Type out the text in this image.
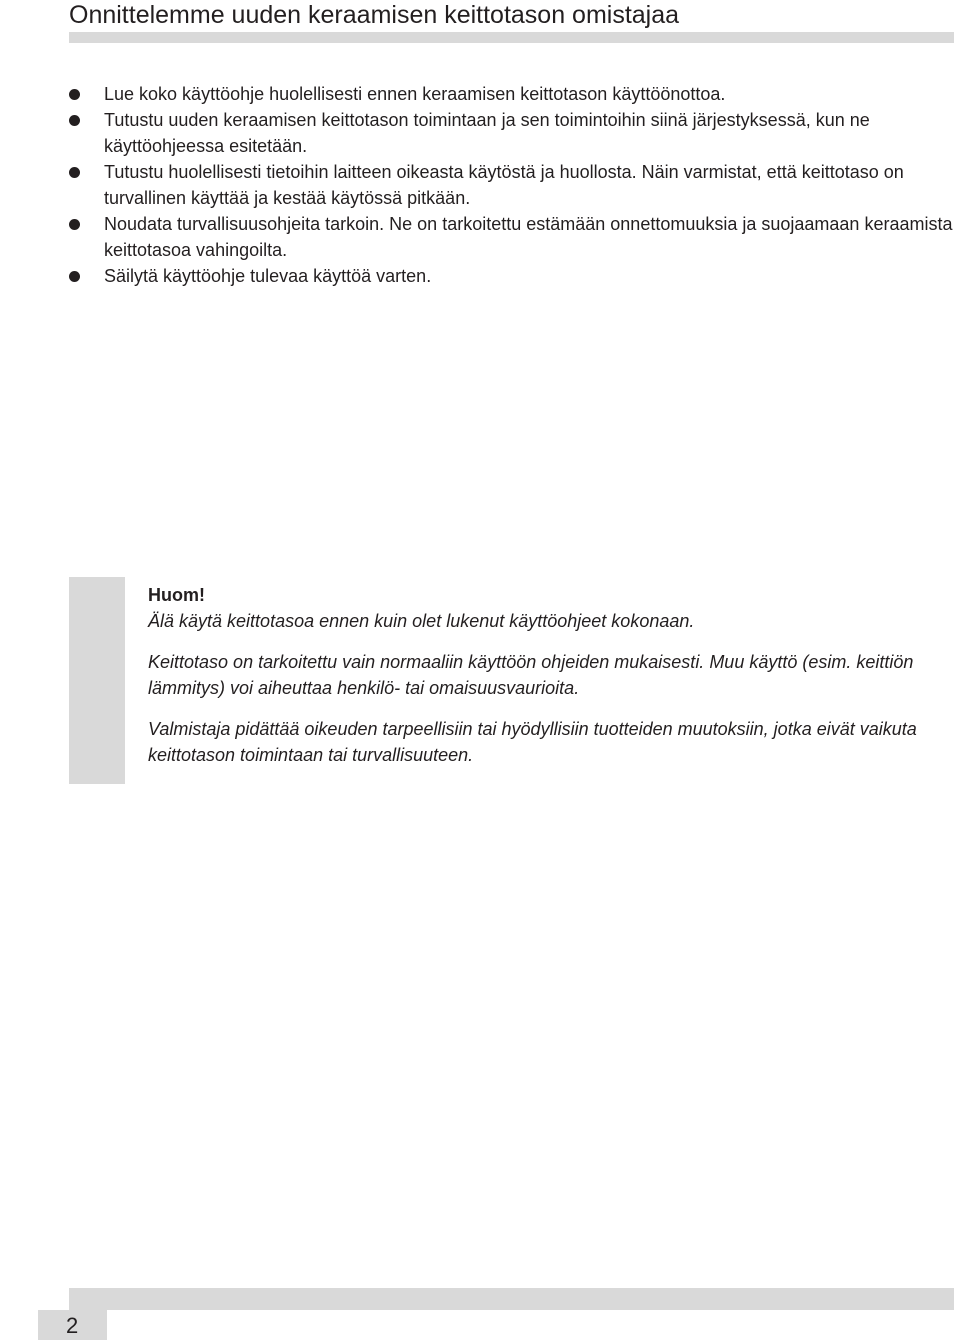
Onnittelemme uuden keraamisen keittotason omistajaa
Lue koko käyttöohje huolellisesti ennen keraamisen keittotason käyttöönottoa.
Tutustu uuden keraamisen keittotason toimintaan ja sen toimintoihin siinä järjestyksessä, kun ne käyttöohjeessa esitetään.
Tutustu huolellisesti tietoihin laitteen oikeasta käytöstä ja huollosta. Näin varmistat, että keittotaso on turvallinen käyttää ja kestää käytössä pitkään.
Noudata turvallisuusohjeita tarkoin. Ne on tarkoitettu estämään onnettomuuksia ja suojaamaan keraamista keittotasoa vahingoilta.
Säilytä käyttöohje tulevaa käyttöä varten.

Huom!

Älä käytä keittotasoa ennen kuin olet lukenut käyttöohjeet kokonaan.

Keittotaso on tarkoitettu vain normaaliin käyttöön ohjeiden mukaisesti. Muu käyttö (esim. keittiön lämmitys) voi aiheuttaa henkilö- tai omaisuusvaurioita.

Valmistaja pidättää oikeuden tarpeellisiin tai hyödyllisiin tuotteiden muutoksiin, jotka eivät vaikuta keittotason toimintaan tai turvallisuuteen.

2
